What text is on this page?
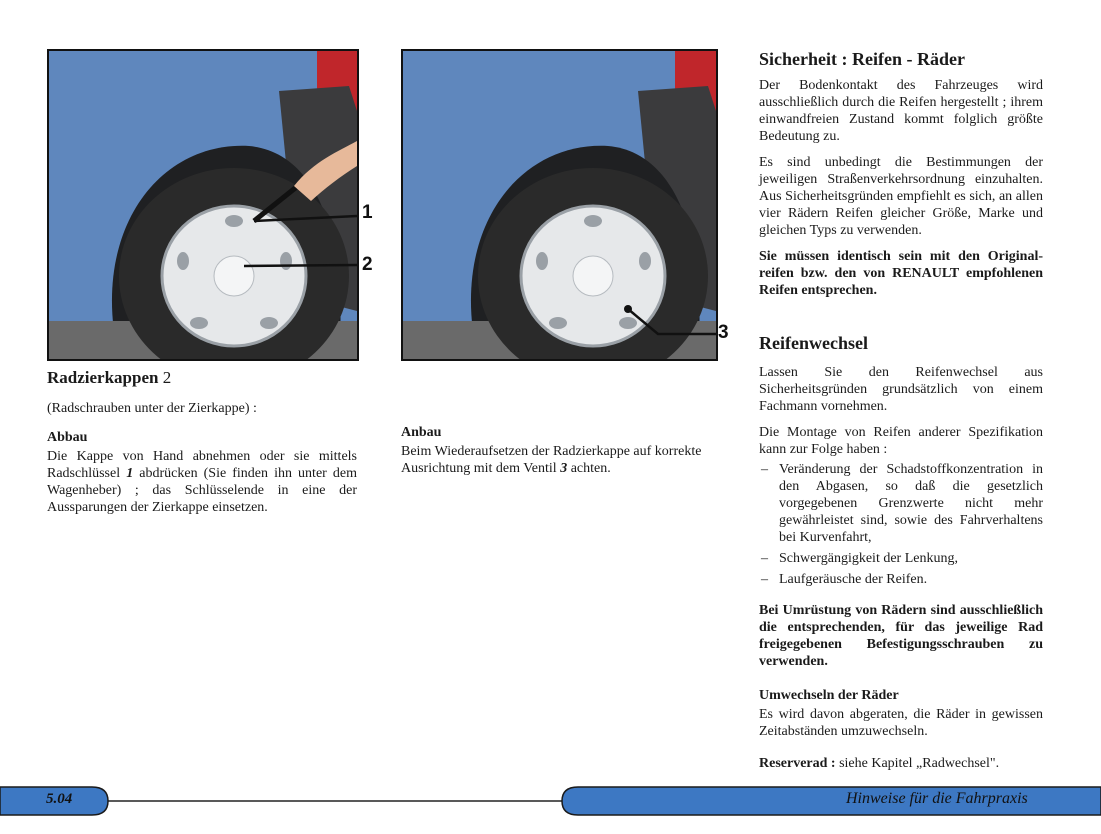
1
2
3

Radzierkappen 2

(Radschrauben unter der Zierkappe) :

Abbau

Die Kappe von Hand abnehmen oder sie mittels Radschlüssel 1 abdrücken (Sie finden ihn unter dem Wagenheber) ; das Schlüsselende in eine der Aussparungen der Zierkappe einsetzen.

Anbau

Beim Wiederaufsetzen der Radzierkappe auf korrekte Ausrichtung mit dem Ventil 3 achten.

Sicherheit : Reifen - Räder

Der Bodenkontakt des Fahrzeuges wird ausschließlich durch die Reifen hergestellt ; ihrem einwandfreien Zustand kommt folglich größte Bedeutung zu.

Es sind unbedingt die Bestimmungen der jeweiligen Straßenverkehrsordnung einzuhalten. Aus Sicherheitsgründen empfiehlt es sich, an allen vier Rädern Reifen gleicher Größe, Marke und gleichen Typs zu verwenden.

Sie müssen identisch sein mit den Original-reifen bzw. den von RENAULT empfohlenen Reifen entsprechen.

Reifenwechsel

Lassen Sie den Reifenwechsel aus Sicherheitsgründen grundsätzlich von einem Fachmann vornehmen.

Die Montage von Reifen anderer Spezifikation kann zur Folge haben :

– Veränderung der Schadstoffkonzentration in den Abgasen, so daß die gesetzlich vorgegebenen Grenzwerte nicht mehr gewährleistet sind, sowie des Fahrverhaltens bei Kurvenfahrt,
– Schwergängigkeit der Lenkung,
– Laufgeräusche der Reifen.

Bei Umrüstung von Rädern sind ausschließlich die entsprechenden, für das jeweilige Rad freigegebenen Befestigungsschrauben zu verwenden.

Umwechseln der Räder

Es wird davon abgeraten, die Räder in gewissen Zeitabständen umzuwechseln.

Reserverad : siehe Kapitel „Radwechsel".

5.04	Hinweise für die Fahrpraxis
